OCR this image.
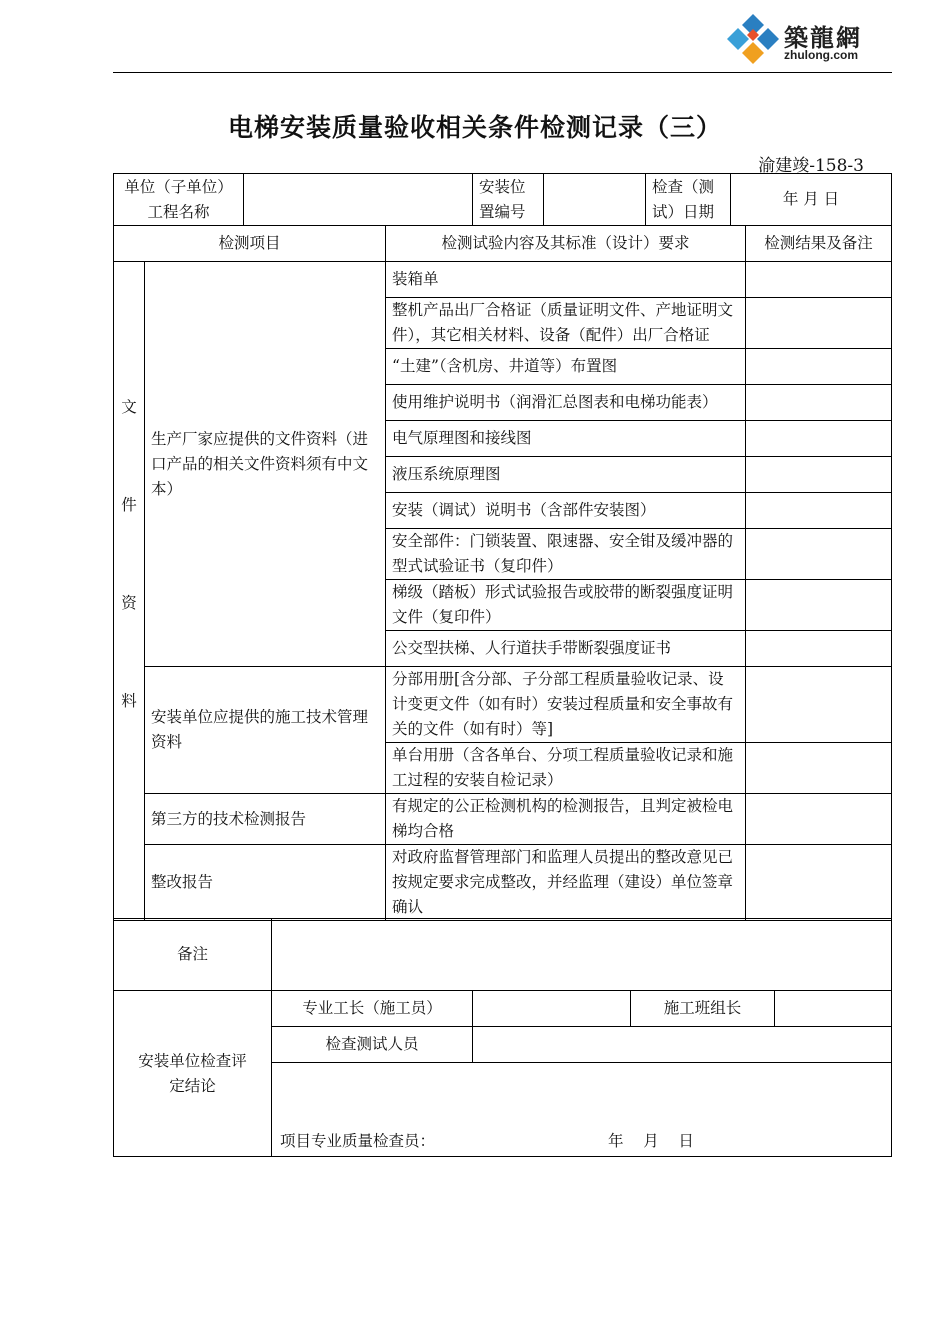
築龍網
zhulong.com
电梯安装质量验收相关条件检测记录（三）
渝建竣-158-3
单位（子单位）工程名称		安装位置编号		检查（测试）日期	年 月 日
检测项目		检测试验内容及其标准（设计）要求	检测结果及备注

文
件
资
料	生产厂家应提供的文件资料（进口产品的相关文件资料须有中文本）	装箱单	
		整机产品出厂合格证（质量证明文件、产地证明文件），其它相关材料、设备（配件）出厂合格证	
		“土建”（含机房、井道等）布置图	
		使用维护说明书（润滑汇总图表和电梯功能表）	
		电气原理图和接线图	
		液压系统原理图	
		安装（调试）说明书（含部件安装图）	
		安全部件：门锁装置、限速器、安全钳及缓冲器的型式试验证书（复印件）	
		梯级（踏板）形式试验报告或胶带的断裂强度证明文件（复印件）	
		公交型扶梯、人行道扶手带断裂强度证书	
	安装单位应提供的施工技术管理资料	分部用册[含分部、子分部工程质量验收记录、设计变更文件（如有时）安装过程质量和安全事故有关的文件（如有时）等]	
		单台用册（含各单台、分项工程质量验收记录和施工过程的安装自检记录）	
	第三方的技术检测报告	有规定的公正检测机构的检测报告，且判定被检电梯均合格	
	整改报告	对政府监督管理部门和监理人员提出的整改意见已按规定要求完成整改，并经监理（建设）单位签章确认	
备注				

安装单位检查评定结论	专业工长（施工员）		施工班组长	
	检查测试人员			

	项目专业质量检查员： 年    月    日			
